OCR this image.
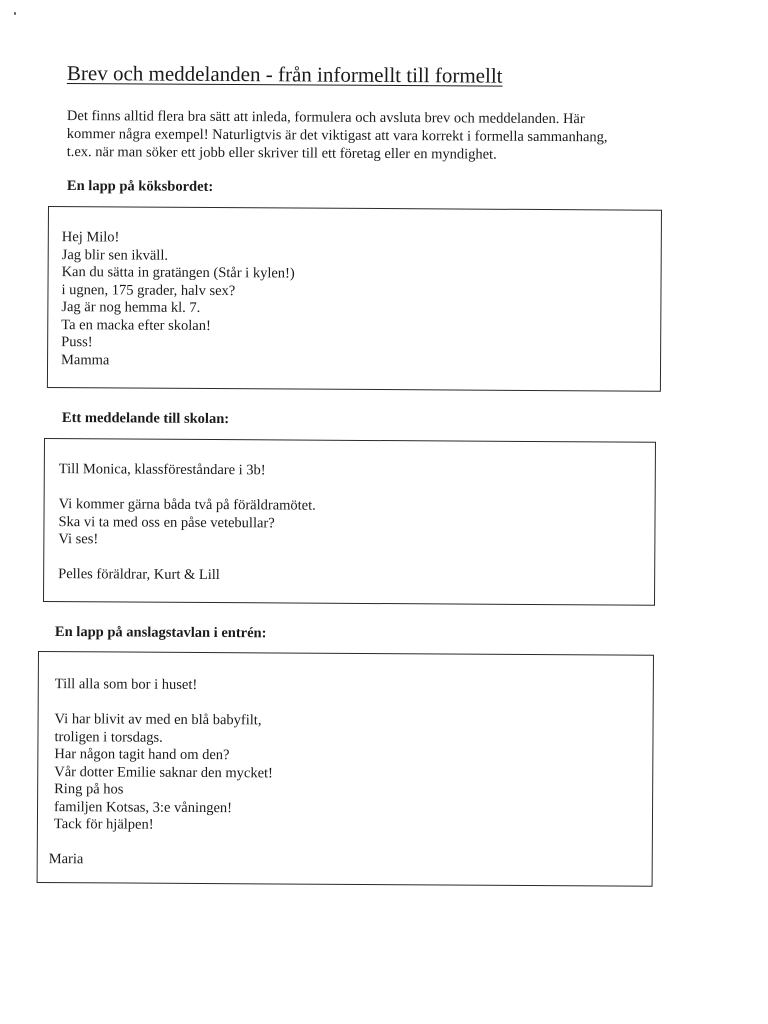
Brev och meddelanden - från informellt till formellt

Det finns alltid flera bra sätt att inleda, formulera och avsluta brev och meddelanden. Här

kommer några exempel! Naturligtvis är det viktigast att vara korrekt i formella sammanhang,

t.ex. när man söker ett jobb eller skriver till ett företag eller en myndighet.

En lapp på köksbordet:

Hej Milo!

Jag blir sen ikväll.

Kan du sätta in gratängen (Står i kylen!)

i ugnen, 175 grader, halv sex?

Jag är nog hemma kl. 7.

Ta en macka efter skolan!

Puss!

Mamma

Ett meddelande till skolan:

Till Monica, klassföreståndare i 3b!

Vi kommer gärna båda två på föräldramötet.

Ska vi ta med oss en påse vetebullar?

Vi ses!

Pelles föräldrar, Kurt & Lill

En lapp på anslagstavlan i entrén:

Till alla som bor i huset!

Vi har blivit av med en blå babyfilt,

troligen i torsdags.

Har någon tagit hand om den?

Vår dotter Emilie saknar den mycket!

Ring på hos

familjen Kotsas, 3:e våningen!

Tack för hjälpen!

Maria
